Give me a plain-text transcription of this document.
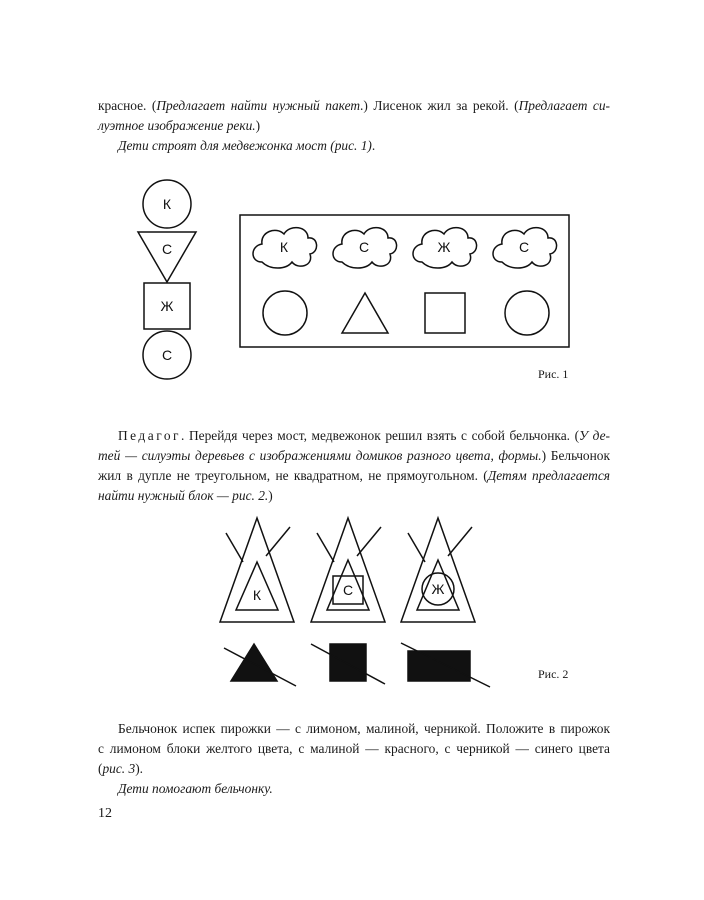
красное. (Предлагает найти нужный пакет.) Лисенок жил за рекой. (Предлагает си-

луэтное изображение реки.)

Дети строят для медвежонка мост (рис. 1).

К
С
Ж
С
К	С	Ж	С
К	С	Ж
Рис. 1

Педагог. Перейдя через мост, медвежонок решил взять с собой бельчонка. (У де-

тей — силуэты деревьев с изображениями домиков разного цвета, формы.) Бельчонок

жил в дупле не треугольном, не квадратном, не прямоугольном. (Детям предлагается

найти нужный блок — рис. 2.)

Рис. 2

Бельчонок испек пирожки — с лимоном, малиной, черникой. Положите в пирожок

с лимоном блоки желтого цвета, с малиной — красного, с черникой — синего цвета

(рис. 3).

Дети помогают бельчонку.

12
